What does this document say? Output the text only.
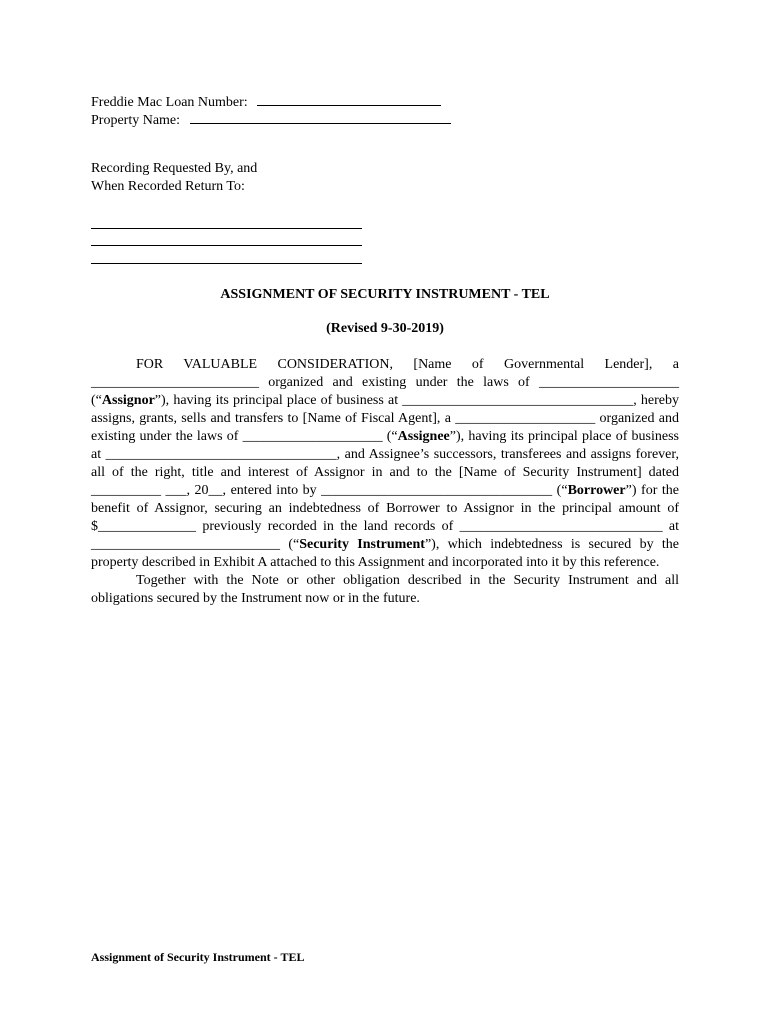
Freddie Mac Loan Number:
Property Name:
Recording Requested By, and
When Recorded Return To:
ASSIGNMENT OF SECURITY INSTRUMENT - TEL
(Revised 9-30-2019)

FOR VALUABLE CONSIDERATION, [Name of Governmental Lender], a ________________________ organized and existing under the laws of ____________________ (“Assignor”), having its principal place of business at _________________________________, hereby assigns, grants, sells and transfers to [Name of Fiscal Agent], a ____________________ organized and existing under the laws of ____________________ (“Assignee”), having its principal place of business at _________________________________, and Assignee’s successors, transferees and assigns forever, all of the right, title and interest of Assignor in and to the [Name of Security Instrument] dated __________ ___, 20__, entered into by _________________________________ (“Borrower”) for the benefit of Assignor, securing an indebtedness of Borrower to Assignor in the principal amount of $______________ previously recorded in the land records of _____________________________ at ___________________________ (“Security Instrument”), which indebtedness is secured by the property described in Exhibit A attached to this Assignment and incorporated into it by this reference.

Together with the Note or other obligation described in the Security Instrument and all obligations secured by the Instrument now or in the future.

Assignment of Security Instrument - TEL
